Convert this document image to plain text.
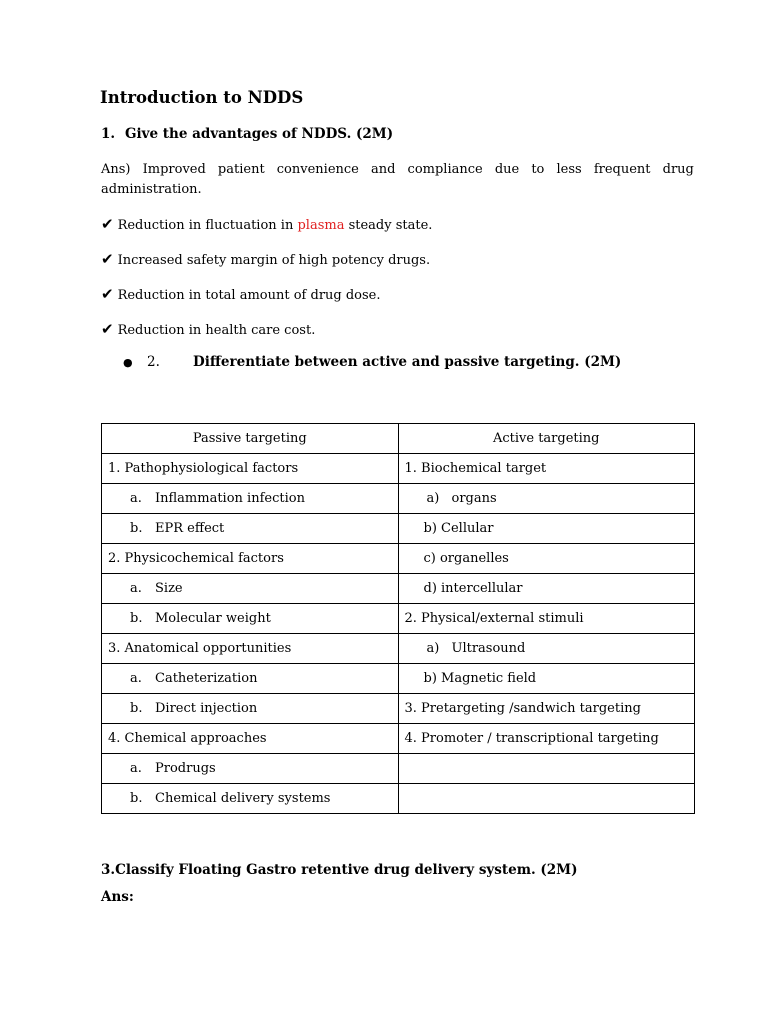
Introduction to NDDS
1. Give the advantages of NDDS. (2M)
Ans) Improved patient convenience and compliance due to less frequent drug
administration.
✔ Reduction in fluctuation in plasma steady state.
✔ Increased safety margin of high potency drugs.
✔ Reduction in total amount of drug dose.
✔ Reduction in health care cost.
● 2. Differentiate between active and passive targeting. (2M)
Passive targeting	Active targeting
1. Pathophysiological factors	1. Biochemical target
a. Inflammation infection	a) organs
b. EPR effect	b) Cellular
2. Physicochemical factors	c) organelles
a. Size	d) intercellular
b. Molecular weight	2. Physical/external stimuli
3. Anatomical opportunities	a) Ultrasound
a. Catheterization	b) Magnetic field
b. Direct injection	3. Pretargeting /sandwich targeting
4. Chemical approaches	4. Promoter / transcriptional targeting
a. Prodrugs	
b. Chemical delivery systems	
3.Classify Floating Gastro retentive drug delivery system. (2M)
Ans:
